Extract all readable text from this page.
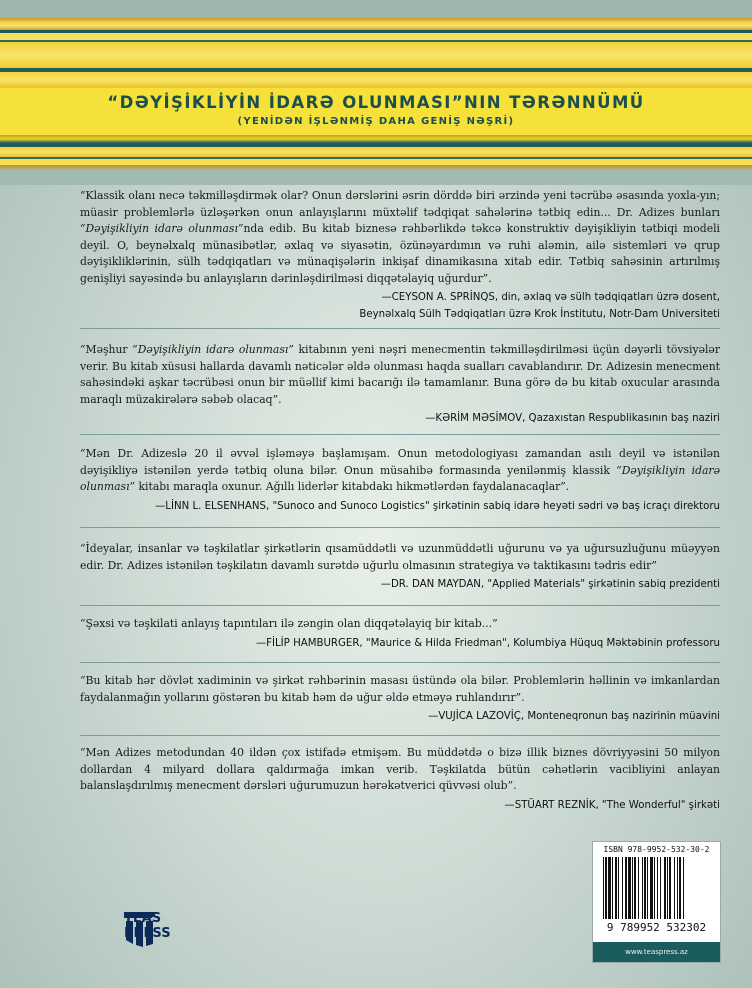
“DƏYİŞİKLİYİN İDARƏ OLUNMASI”NIN TƏRƏNNÜMÜ
(YENİDƏN İŞLƏNMİŞ DAHA GENİŞ NƏŞRİ)

“Klassik olanı necə təkmilləşdirmək olar? Onun dərslərini əsrin dörddə biri ərzində yeni təcrübə əsasında yoxla-yın; müasir problemlərlə üzləşərkən onun anlayışlarını müxtəlif tədqiqat sahələrinə tətbiq edin... Dr. Adizes bunları “Dəyişikliyin idarə olunması”nda edib. Bu kitab biznesə rəhbərlikdə təkcə konstruktiv dəyişikliyin tətbiqi modeli deyil. O, beynəlxalq münasibətlər, əxlaq və siyasətin, özünəyardımın və ruhi aləmin, ailə sistemləri və qrup dəyişikliklərinin, sülh tədqiqatları və münaqişələrin inkişaf dinamikasına xitab edir. Tətbiq sahəsinin artırılmış genişliyi sayəsində bu anlayışların dərinləşdirilməsi diqqətəlayiq uğurdur”.

—CEYSON A. SPRİNQS, din, əxlaq və sülh tədqiqatları üzrə dosent,
Beynəlxalq Sülh Tədqiqatları üzrə Krok İnstitutu, Notr-Dam Universiteti

“Məşhur “Dəyişikliyin idarə olunması” kitabının yeni nəşri menecmentin təkmilləşdirilməsi üçün dəyərli tövsiyələr verir. Bu kitab xüsusi hallarda davamlı nəticələr əldə olunması haqda sualları cavablandırır. Dr. Adizesin menecment sahəsindəki aşkar təcrübəsi onun bir müəllif kimi bacarığı ilə tamamlanır. Buna görə də bu kitab oxucular arasında maraqlı müzakirələrə səbəb olacaq”.

—KƏRİM MƏSİMOV, Qazaxıstan Respublikasının baş naziri

“Mən Dr. Adizeslə 20 il əvvəl işləməyə başlamışam. Onun metodologiyası zamandan asılı deyil və istənilən dəyişikliyə istənilən yerdə tətbiq oluna bilər. Onun müsahibə formasında yenilənmiş klassik “Dəyişikliyin idarə olunması” kitabı maraqla oxunur. Ağıllı liderlər kitabdakı hikmətlərdən faydalanacaqlar”.

—LİNN L. ELSENHANS, "Sunoco and Sunoco Logistics" şirkətinin sabiq idarə heyəti sədri və baş icraçı direktoru

“İdeyalar, insanlar və təşkilatlar şirkətlərin qısamüddətli və uzunmüddətli uğurunu və ya uğursuzluğunu müəyyən edir. Dr. Adizes istənilən təşkilatın davamlı surətdə uğurlu olmasının strategiya və taktikasını tədris edir”

—DR. DAN MAYDAN, "Applied Materials" şirkətinin sabiq prezidenti

“Şəxsi və təşkilati anlayış tapıntıları ilə zəngin olan diqqətəlayiq bir kitab...”

—FİLİP HAMBURGER, "Maurice & Hilda Friedman", Kolumbiya Hüquq Məktəbinin professoru

“Bu kitab hər dövlət xadiminin və şirkət rəhbərinin masası üstündə ola bilər. Problemlərin həllinin və imkanlardan faydalanmağın yollarını göstərən bu kitab həm də uğur əldə etməyə ruhlandırır”.

—VUJİCA LAZOVİÇ, Monteneqronun baş nazirinin müavini

“Mən Adizes metodundan 40 ildən çox istifadə etmişəm. Bu müddətdə o bizə illik biznes dövriyyəsini 50 milyon dollardan 4 milyard dollara qaldırmağa imkan verib. Təşkilatda bütün cəhətlərin vacibliyini anlayan balanslaşdırılmış menecment dərsləri uğurumuzun hərəkətverici qüvvəsi olub”.

—STÜART REZNİK, "The Wonderful" şirkəti
TEAS
PRESS
ISBN 978-9952-532-30-2
9 789952 532302
www.teaspress.az
